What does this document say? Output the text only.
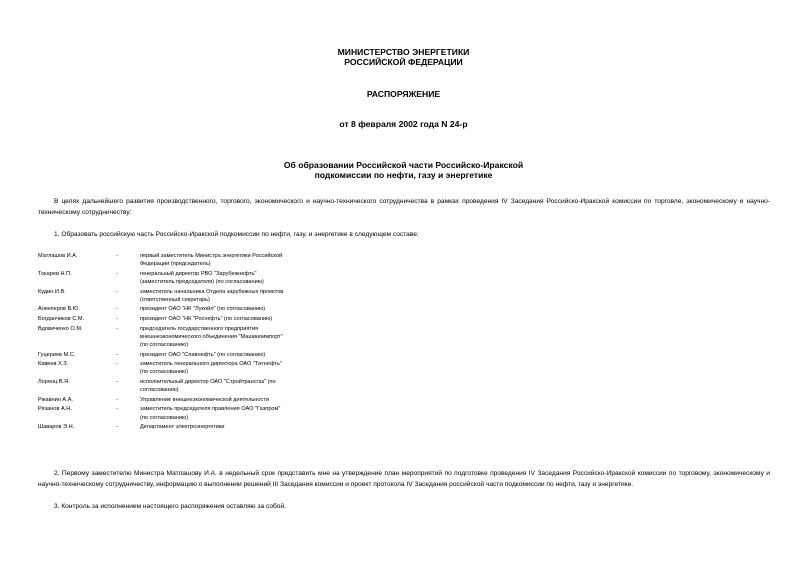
МИНИСТЕРСТВО ЭНЕРГЕТИКИ
РОССИЙСКОЙ ФЕДЕРАЦИИ
РАСПОРЯЖЕНИЕ
от 8 февраля 2002 года N 24-р
Об образовании Российской части Российско-Иракской
подкомиссии по нефти, газу и энергетике
В целях дальнейшего развития производственного, торгового, экономического и научно-технического сотрудничества в рамках проведения IV Заседания Российско-Иракской комиссии по торговле, экономическому и научно-техническому сотрудничеству:
1. Образовать российскую часть Российско-Иракской подкомиссии по нефти, газу, и энергетике в следующем составе:
Матлашов И.А.	-	первый заместитель Министра энергетики Российской
Федерации (председатель)
Токарев Н.П.	-	генеральный директор РВО "Зарубежнефть"
(заместитель председателя) (по согласованию)
Кудин И.В.	-	заместитель начальника Отдела зарубежных проектов
(ответственный секретарь)
Алекперов В.Ю.	-	президент ОАО "НК "Лукойл" (по согласованию)
Богданчиков С.М.	-	президент ОАО "НК "Роснефть" (по согласованию)
Вдовиченко О.М.	-	председатель государственного предприятия
внешнеэкономического объединения "Машиноимпорт"
(по согласованию)
Гуцериев М.С.	-	президент ОАО "Славнефть" (по согласованию)
Кавеев Х.З.	-	заместитель генерального директора ОАО "Татнефть"
(по согласованию)
Лоренц В.Я.	-	исполнительный директор ОАО "Стройтрансгаз" (по
согласованию)
Ржавнин А.А.	-	Управление внешнеэкономической деятельности
Рязанов А.Н.	-	заместитель председателя правления ОАО "Газпром"
(по согласованию)
Шаваров Э.Н.	-	Департамент электроэнергетики
2. Первому заместителю Министра Матлашову И.А. в недельный срок представить мне на утверждение план мероприятий по подготовке проведения IV Заседания Российско-Иракской комиссии по торговому, экономическому и научно-техническому сотрудничеству, информацию о выполнении решений III Заседания комиссии и проект протокола IV Заседания российской части подкомиссии по нефти, газу и энергетике.
3. Контроль за исполнением настоящего распоряжения оставляю за собой.
